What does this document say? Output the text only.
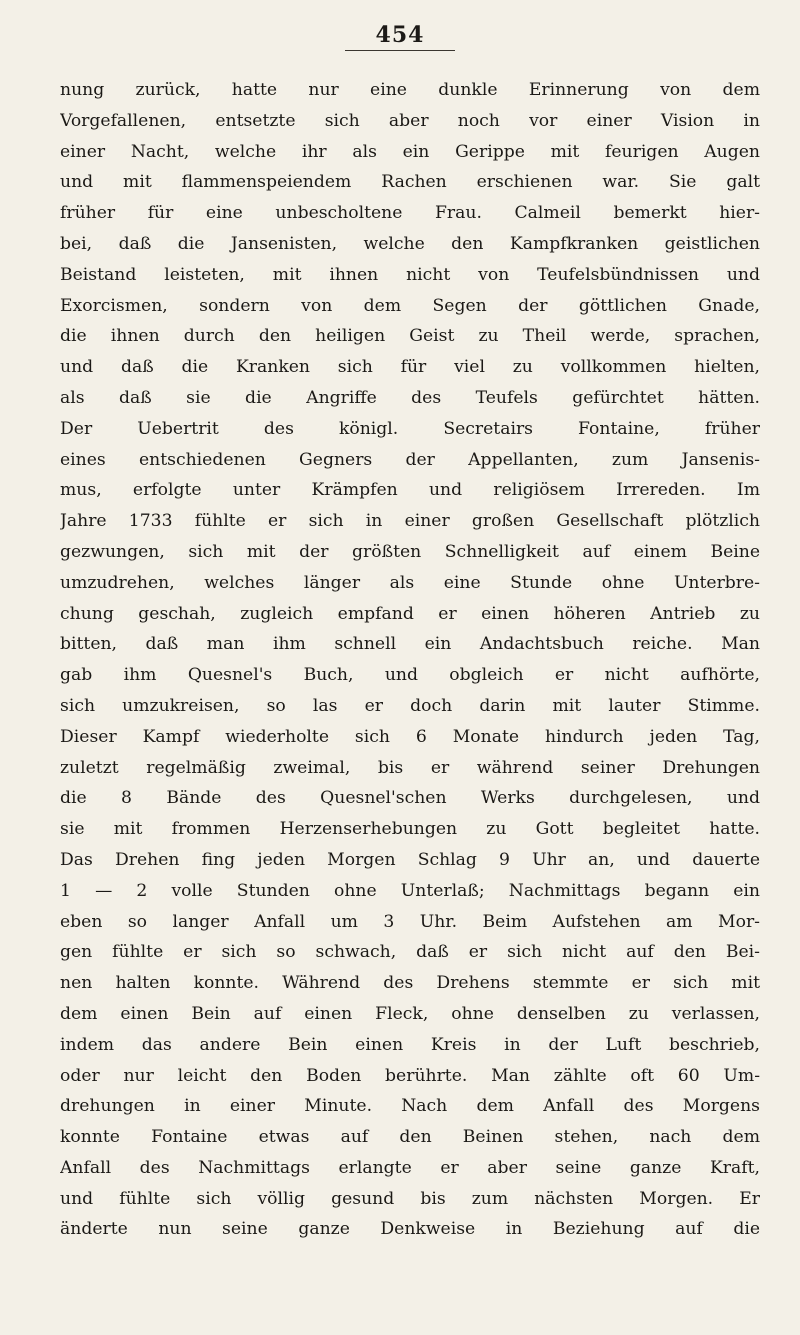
454
nung zurück, hatte nur eine dunkle Erinnerung von dem
Vorgefallenen, entsetzte sich aber noch vor einer Vision in
einer Nacht, welche ihr als ein Gerippe mit feurigen Augen
und mit flammenspeiendem Rachen erschienen war. Sie galt
früher für eine unbescholtene Frau. Calmeil bemerkt hier-
bei, daß die Jansenisten, welche den Kampfkranken geistlichen
Beistand leisteten, mit ihnen nicht von Teufelsbündnissen und
Exorcismen, sondern von dem Segen der göttlichen Gnade,
die ihnen durch den heiligen Geist zu Theil werde, sprachen,
und daß die Kranken sich für viel zu vollkommen hielten,
als daß sie die Angriffe des Teufels gefürchtet hätten.
Der Uebertrit des königl. Secretairs Fontaine, früher
eines entschiedenen Gegners der Appellanten, zum Jansenis-
mus, erfolgte unter Krämpfen und religiösem Irrereden. Im
Jahre 1733 fühlte er sich in einer großen Gesellschaft plötzlich
gezwungen, sich mit der größten Schnelligkeit auf einem Beine
umzudrehen, welches länger als eine Stunde ohne Unterbre-
chung geschah, zugleich empfand er einen höheren Antrieb zu
bitten, daß man ihm schnell ein Andachtsbuch reiche. Man
gab ihm Quesnel's Buch, und obgleich er nicht aufhörte,
sich umzukreisen, so las er doch darin mit lauter Stimme.
Dieser Kampf wiederholte sich 6 Monate hindurch jeden Tag,
zuletzt regelmäßig zweimal, bis er während seiner Drehungen
die 8 Bände des Quesnel'schen Werks durchgelesen, und
sie mit frommen Herzenserhebungen zu Gott begleitet hatte.
Das Drehen fing jeden Morgen Schlag 9 Uhr an, und dauerte
1 — 2 volle Stunden ohne Unterlaß; Nachmittags begann ein
eben so langer Anfall um 3 Uhr. Beim Aufstehen am Mor-
gen fühlte er sich so schwach, daß er sich nicht auf den Bei-
nen halten konnte. Während des Drehens stemmte er sich mit
dem einen Bein auf einen Fleck, ohne denselben zu verlassen,
indem das andere Bein einen Kreis in der Luft beschrieb,
oder nur leicht den Boden berührte. Man zählte oft 60 Um-
drehungen in einer Minute. Nach dem Anfall des Morgens
konnte Fontaine etwas auf den Beinen stehen, nach dem
Anfall des Nachmittags erlangte er aber seine ganze Kraft,
und fühlte sich völlig gesund bis zum nächsten Morgen. Er
änderte nun seine ganze Denkweise in Beziehung auf die
